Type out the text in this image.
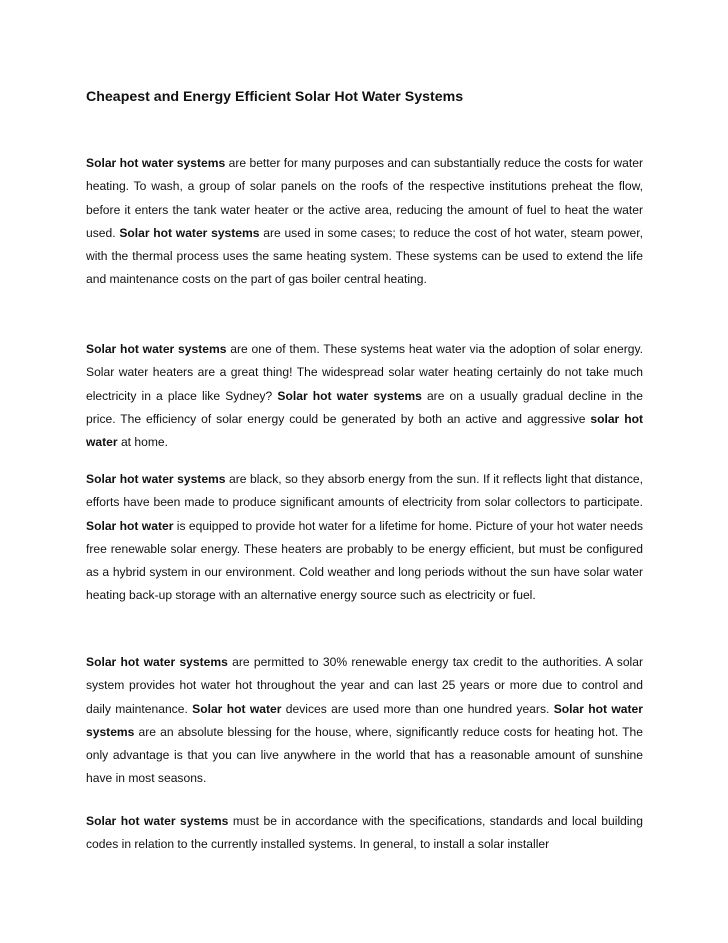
Cheapest and Energy Efficient Solar Hot Water Systems

Solar hot water systems are better for many purposes and can substantially reduce the costs for water heating. To wash, a group of solar panels on the roofs of the respective institutions preheat the flow, before it enters the tank water heater or the active area, reducing the amount of fuel to heat the water used. Solar hot water systems are used in some cases; to reduce the cost of hot water, steam power, with the thermal process uses the same heating system. These systems can be used to extend the life and maintenance costs on the part of gas boiler central heating.

Solar hot water systems are one of them. These systems heat water via the adoption of solar energy. Solar water heaters are a great thing! The widespread solar water heating certainly do not take much electricity in a place like Sydney? Solar hot water systems are on a usually gradual decline in the price. The efficiency of solar energy could be generated by both an active and aggressive solar hot water at home.

Solar hot water systems are black, so they absorb energy from the sun. If it reflects light that distance, efforts have been made to produce significant amounts of electricity from solar collectors to participate. Solar hot water is equipped to provide hot water for a lifetime for home. Picture of your hot water needs free renewable solar energy. These heaters are probably to be energy efficient, but must be configured as a hybrid system in our environment. Cold weather and long periods without the sun have solar water heating back-up storage with an alternative energy source such as electricity or fuel.

Solar hot water systems are permitted to 30% renewable energy tax credit to the authorities. A solar system provides hot water hot throughout the year and can last 25 years or more due to control and daily maintenance. Solar hot water devices are used more than one hundred years. Solar hot water systems are an absolute blessing for the house, where, significantly reduce costs for heating hot. The only advantage is that you can live anywhere in the world that has a reasonable amount of sunshine have in most seasons.

Solar hot water systems must be in accordance with the specifications, standards and local building codes in relation to the currently installed systems. In general, to install a solar installer
